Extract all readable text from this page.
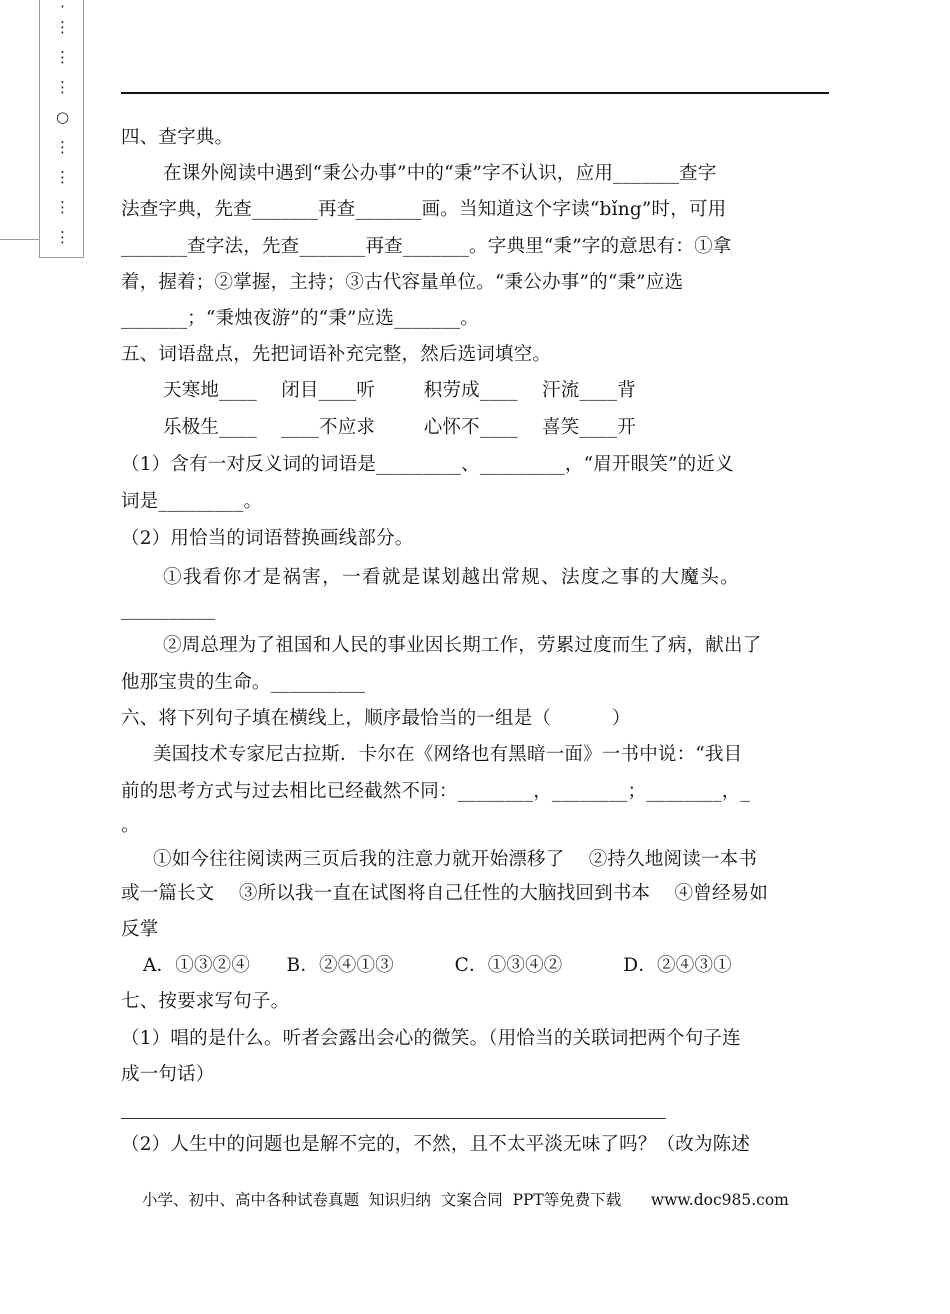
·
⋮
⋮
⋮
○
⋮
⋮
⋮
⋮
四、查字典。
在课外阅读中遇到“秉公办事”中的“秉”字不认识，应用_______查字
法查字典，先查_______再查_______画。当知道这个字读“bǐng”时，可用
_______查字法，先查_______再查_______。字典里“秉”字的意思有：①拿
着，握着；②掌握，主持；③古代容量单位。“秉公办事”的“秉”应选
_______；“秉烛夜游”的“秉”应选_______。
五、词语盘点，先把词语补充完整，然后选词填空。
天寒地____    闭目____听        积劳成____    汗流____背
乐极生____    ____不应求        心怀不____    喜笑____开
（1）含有一对反义词的词语是_________、_________，“眉开眼笑”的近义
词是_________。
（2）用恰当的词语替换画线部分。
①我看你才是祸害，一看就是谋划越出常规、法度之事的大魔头。
__________
②周总理为了祖国和人民的事业因长期工作，劳累过度而生了病，献出了
他那宝贵的生命。__________
六、将下列句子填在横线上，顺序最恰当的一组是（          ）
美国技术专家尼古拉斯．卡尔在《网络也有黑暗一面》一书中说：“我目
前的思考方式与过去相比已经截然不同：________，________；________，_
。
①如今往往阅读两三页后我的注意力就开始漂移了    ②持久地阅读一本书
或一篇长文    ③所以我一直在试图将自己任性的大脑找回到书本    ④曾经易如
反掌
A．①③②④      B．②④①③          C．①③④②          D．②④③①
七、按要求写句子。
（1）唱的是什么。听者会露出会心的微笑。（用恰当的关联词把两个句子连
成一句话）
（2）人生中的问题也是解不完的，不然，且不太平淡无味了吗？（改为陈述
小学、初中、高中各种试卷真题  知识归纳  文案合同  PPT等免费下载      www.doc985.com
